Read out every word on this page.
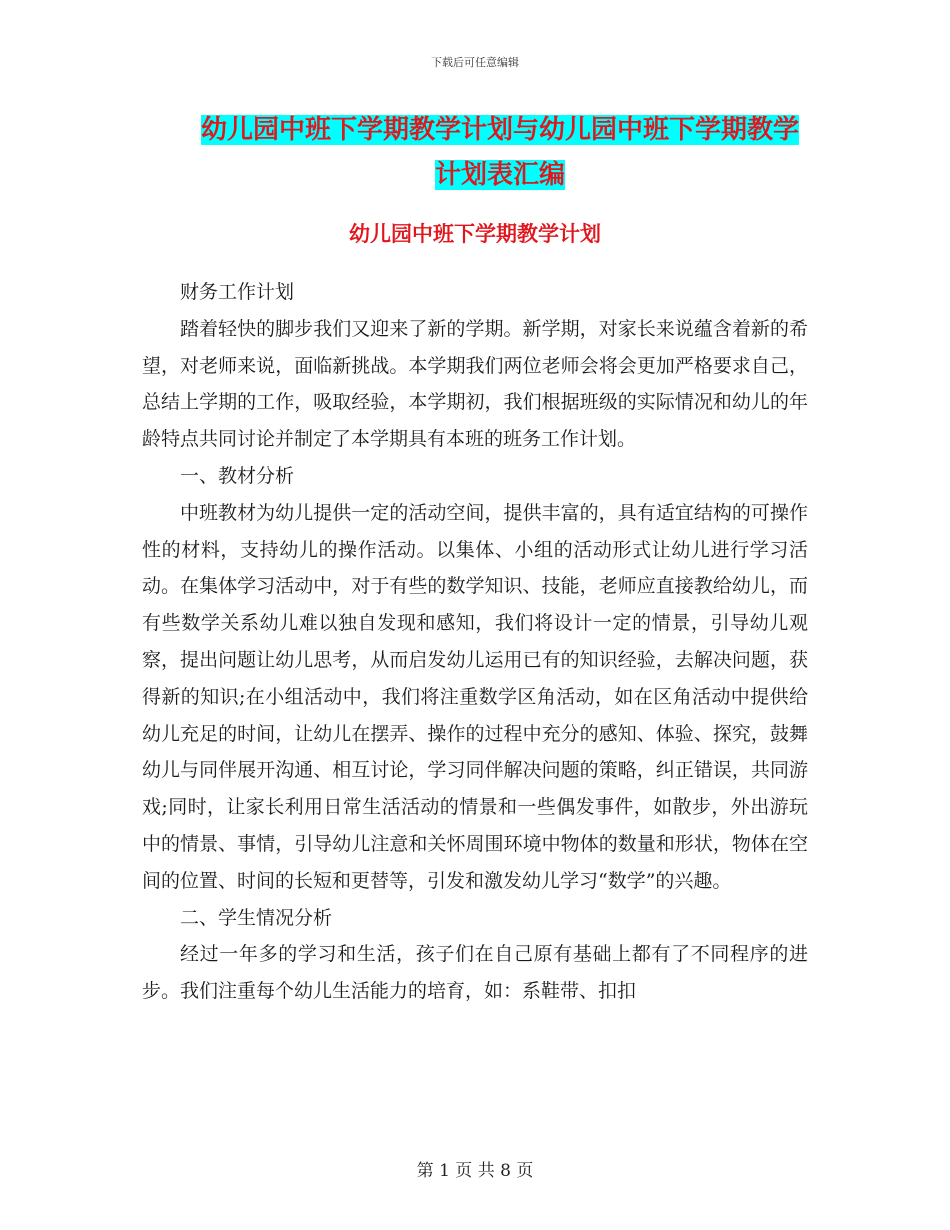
下载后可任意编辑
幼儿园中班下学期教学计划与幼儿园中班下学期教学
计划表汇编
幼儿园中班下学期教学计划

财务工作计划

踏着轻快的脚步我们又迎来了新的学期。新学期，对家长来说蕴含着新的希望，对老师来说，面临新挑战。本学期我们两位老师会将会更加严格要求自己，总结上学期的工作，吸取经验，本学期初，我们根据班级的实际情况和幼儿的年龄特点共同讨论并制定了本学期具有本班的班务工作计划。

一、教材分析

中班教材为幼儿提供一定的活动空间，提供丰富的，具有适宜结构的可操作性的材料，支持幼儿的操作活动。以集体、小组的活动形式让幼儿进行学习活动。在集体学习活动中，对于有些的数学知识、技能，老师应直接教给幼儿，而有些数学关系幼儿难以独自发现和感知，我们将设计一定的情景，引导幼儿观察，提出问题让幼儿思考，从而启发幼儿运用已有的知识经验，去解决问题，获得新的知识;在小组活动中，我们将注重数学区角活动，如在区角活动中提供给幼儿充足的时间，让幼儿在摆弄、操作的过程中充分的感知、体验、探究，鼓舞幼儿与同伴展开沟通、相互讨论，学习同伴解决问题的策略，纠正错误，共同游戏;同时，让家长利用日常生活活动的情景和一些偶发事件，如散步，外出游玩中的情景、事情，引导幼儿注意和关怀周围环境中物体的数量和形状，物体在空间的位置、时间的长短和更替等，引发和激发幼儿学习“数学”的兴趣。

二、学生情况分析

经过一年多的学习和生活，孩子们在自己原有基础上都有了不同程序的进步。我们注重每个幼儿生活能力的培育，如：系鞋带、扣扣

第 1 页 共 8 页
